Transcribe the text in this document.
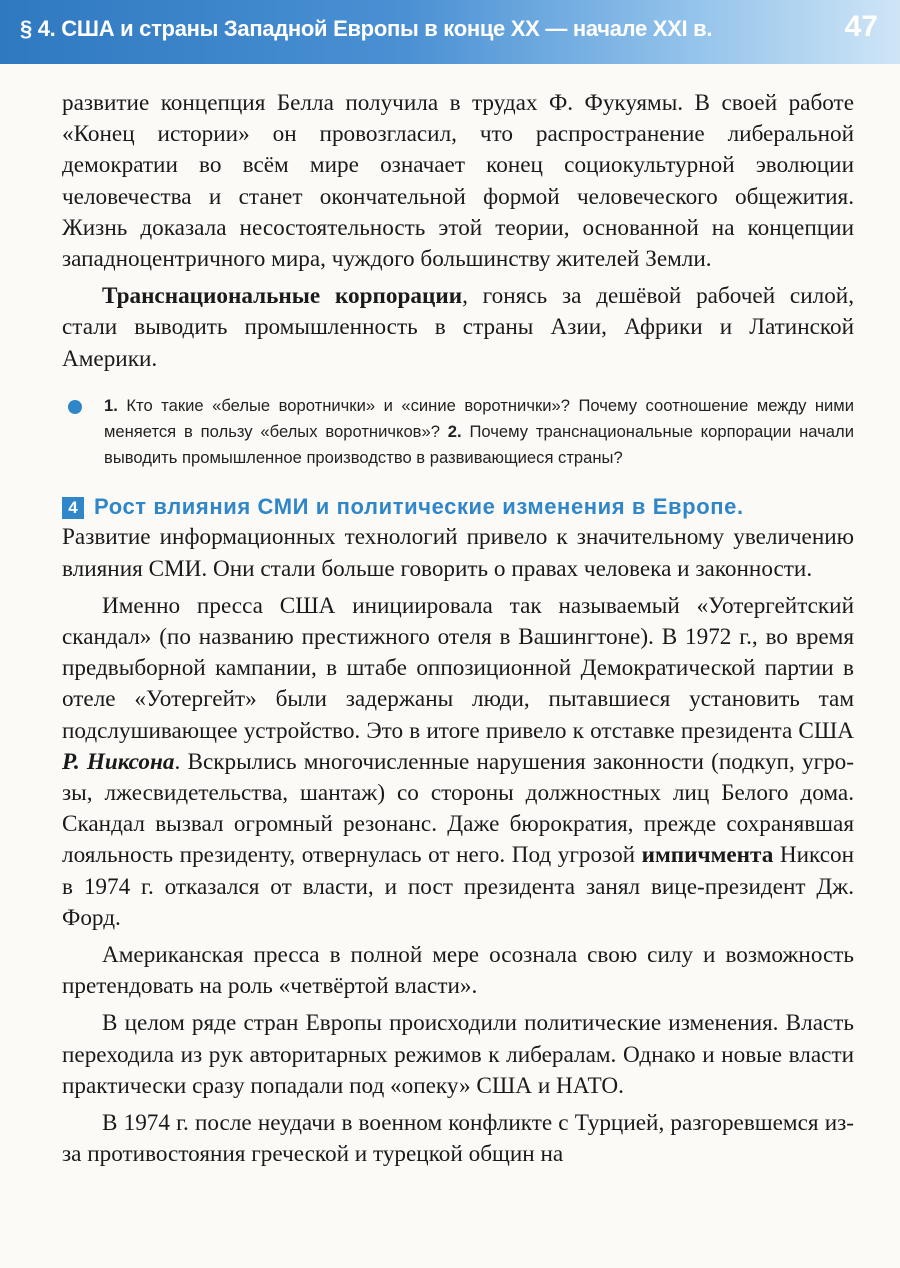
§ 4. США и страны Западной Европы в конце XX — начале XXI в.	47

развитие концепция Белла получила в трудах Ф. Фукуямы. В своей работе «Конец истории» он провозгласил, что распространение либеральной демократии во всём мире означает конец социокультурной эволюции человечества и станет окончательной формой человеческого общежития. Жизнь доказала несостоятельность этой теории, основанной на концепции западноцентричного мира, чуждого большинству жителей Земли.

Транснациональные корпорации, гонясь за дешёвой рабочей силой, стали выводить промышленность в страны Азии, Африки и Латинской Америки.

1. Кто такие «белые воротнички» и «синие воротнички»? Почему соотношение между ними меняется в пользу «белых воротничков»? 2. Почему транснациональные корпорации начали выводить промышленное производство в развивающиеся страны?
4 Рост влияния СМИ и политические изменения в Европе.

Развитие информационных технологий привело к значительному увеличению влияния СМИ. Они стали больше говорить о правах человека и законности.

Именно пресса США инициировала так называемый «Уотергейтский скандал» (по названию престижного отеля в Вашингтоне). В 1972 г., во время предвыборной кампании, в штабе оппозиционной Демократической партии в отеле «Уотергейт» были задержаны люди, пытавшиеся установить там подслушивающее устройство. Это в итоге привело к отставке президента США Р. Никсона. Вскрылись многочисленные нарушения законности (подкуп, угрозы, лжесвидетельства, шантаж) со стороны должностных лиц Белого дома. Скандал вызвал огромный резонанс. Даже бюрократия, прежде сохранявшая лояльность президенту, отвернулась от него. Под угрозой импичмента Никсон в 1974 г. отказался от власти, и пост президента занял вице-президент Дж. Форд.

Американская пресса в полной мере осознала свою силу и возможность претендовать на роль «четвёртой власти».

В целом ряде стран Европы происходили политические изменения. Власть переходила из рук авторитарных режимов к либералам. Однако и новые власти практически сразу попадали под «опеку» США и НАТО.

В 1974 г. после неудачи в военном конфликте с Турцией, разгоревшемся из-за противостояния греческой и турецкой общин на
